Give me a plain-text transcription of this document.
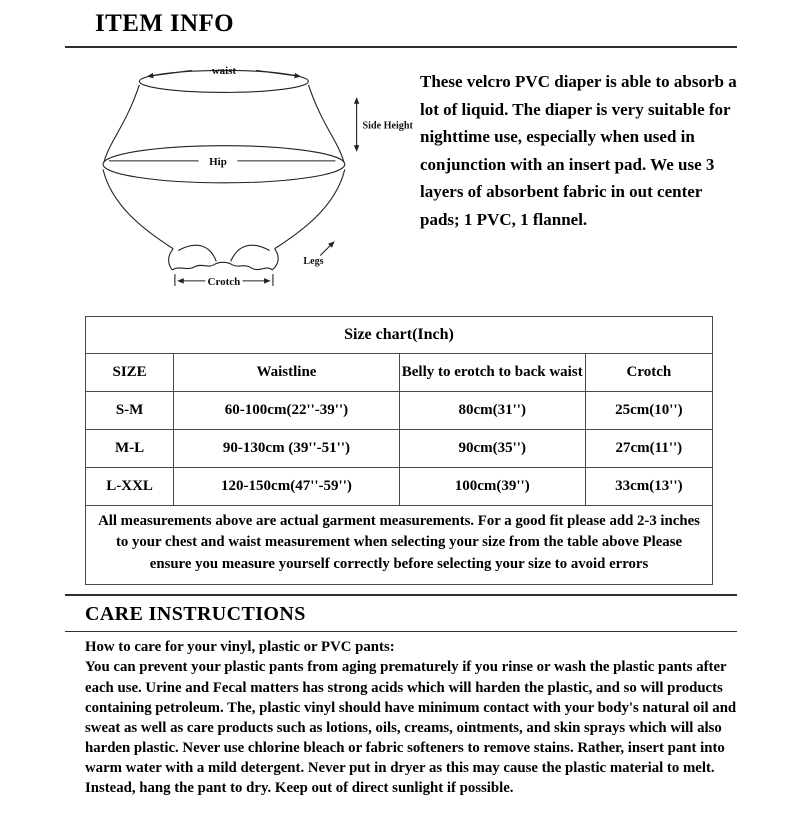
ITEM INFO
waist
Side Height
Hip
Legs
Crotch

These velcro PVC diaper is able to absorb a lot of liquid. The diaper is very suitable for nighttime use, especially when used in conjunction with an insert pad. We use 3 layers of absorbent fabric in out center pads; 1 PVC, 1 flannel.

Size chart(Inch)			
SIZE	Waistline	Belly to erotch to back waist	Crotch
S-M	60-100cm(22''-39'')	80cm(31'')	25cm(10'')
M-L	90-130cm (39''-51'')	90cm(35'')	27cm(11'')
L-XXL	120-150cm(47''-59'')	100cm(39'')	33cm(13'')
All measurements above are actual garment measurements. For a good fit please add 2-3 inches to your chest and waist measurement when selecting your size from the table above Please ensure you measure yourself correctly before selecting your size to avoid errors			
CARE INSTRUCTIONS

How to care for your vinyl, plastic or PVC pants:

You can prevent your plastic pants from aging prematurely if you rinse or wash the plastic pants after each use. Urine and Fecal matters has strong acids which will harden the plastic, and so will products containing petroleum. The, plastic vinyl should have minimum contact with your body's natural oil and sweat as well as care products such as lotions, oils, creams, ointments, and skin sprays which will also harden plastic. Never use chlorine bleach or fabric softeners to remove stains. Rather, insert pant into warm water with a mild detergent. Never put in dryer as this may cause the plastic material to melt. Instead, hang the pant to dry. Keep out of direct sunlight if possible.
